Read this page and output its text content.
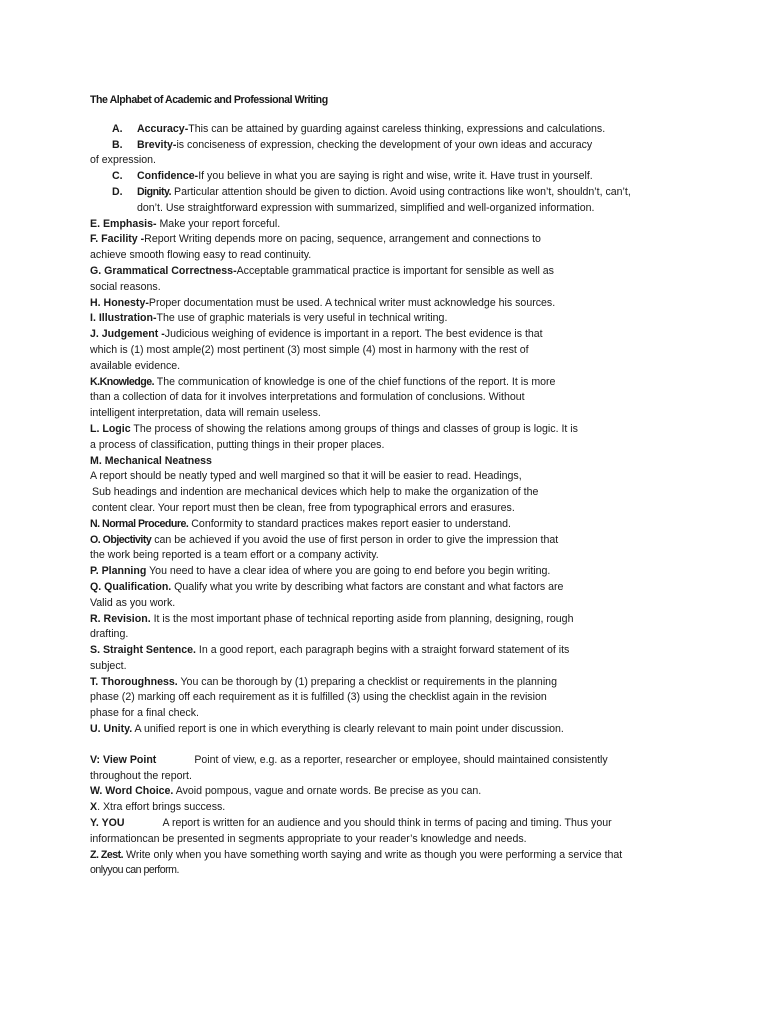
The Alphabet of Academic and Professional Writing
A. Accuracy-This can be attained by guarding against careless thinking, expressions and calculations.
B. Brevity-is conciseness of expression, checking the development of your own ideas and accuracy
of expression.
C. Confidence-If you believe in what you are saying is right and wise, write it. Have trust in yourself.
D. Dignity. Particular attention should be given to diction. Avoid using contractions like won’t, shouldn’t, can’t,
don’t. Use straightforward expression with summarized, simplified and well-organized information.
E. Emphasis- Make your report forceful.
F. Facility -Report Writing depends more on pacing, sequence, arrangement and connections to
achieve smooth flowing easy to read continuity.
G. Grammatical Correctness-Acceptable grammatical practice is important for sensible as well as
social reasons.
H. Honesty-Proper documentation must be used. A technical writer must acknowledge his sources.
I. Illustration-The use of graphic materials is very useful in technical writing.
J. Judgement -Judicious weighing of evidence is important in a report. The best evidence is that
which is (1) most ample(2) most pertinent (3) most simple (4) most in harmony with the rest of
available evidence.
K.Knowledge. The communication of knowledge is one of the chief functions of the report. It is more
than a collection of data for it involves interpretations and formulation of conclusions. Without
intelligent interpretation, data will remain useless.
L. Logic The process of showing the relations among groups of things and classes of group is logic. It is
a process of classification, putting things in their proper places.
M. Mechanical Neatness
A report should be neatly typed and well margined so that it will be easier to read. Headings,
Sub headings and indention are mechanical devices which help to make the organization of the
content clear. Your report must then be clean, free from typographical errors and erasures.
N. Normal Procedure. Conformity to standard practices makes report easier to understand.
O. Objectivity can be achieved if you avoid the use of first person in order to give the impression that
the work being reported is a team effort or a company activity.
P. Planning You need to have a clear idea of where you are going to end before you begin writing.
Q. Qualification. Qualify what you write by describing what factors are constant and what factors are
Valid as you work.
R. Revision. It is the most important phase of technical reporting aside from planning, designing, rough
drafting.
S. Straight Sentence. In a good report, each paragraph begins with a straight forward statement of its
subject.
T. Thoroughness. You can be thorough by (1) preparing a checklist or requirements in the planning
phase (2) marking off each requirement as it is fulfilled (3) using the checklist again in the revision
phase for a final check.
U. Unity. A unified report is one in which everything is clearly relevant to main point under discussion.
V: View Point	Point of view, e.g. as a reporter, researcher or employee, should maintained consistently
throughout the report.
W. Word Choice. Avoid pompous, vague and ornate words. Be precise as you can.
X. Xtra effort brings success.
Y. YOU	A report is written for an audience and you should think in terms of pacing and timing. Thus your
informationcan be presented in segments appropriate to your reader’s knowledge and needs.
Z. Zest. Write only when you have something worth saying and write as though you were performing a service that
onlyyou can perform.
